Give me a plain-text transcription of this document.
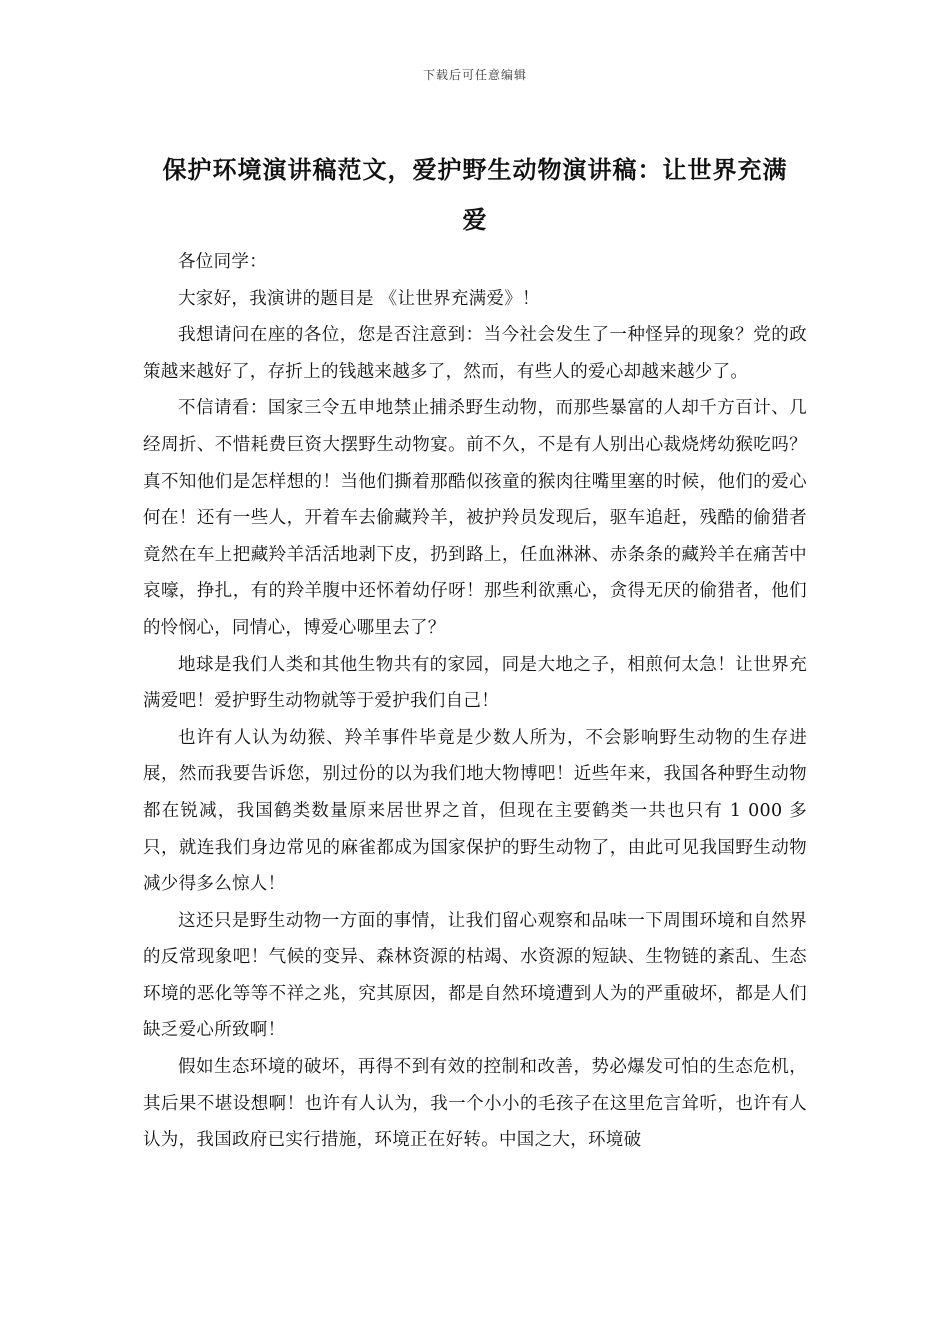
下载后可任意编辑
保护环境演讲稿范文，爱护野生动物演讲稿：让世界充满
爱

各位同学：

大家好，我演讲的题目是 《让世界充满爱》！

我想请问在座的各位，您是否注意到：当今社会发生了一种怪异的现象？党的政策越来越好了，存折上的钱越来越多了，然而，有些人的爱心却越来越少了。

不信请看：国家三令五申地禁止捕杀野生动物，而那些暴富的人却千方百计、几经周折、不惜耗费巨资大摆野生动物宴。前不久，不是有人别出心裁烧烤幼猴吃吗？真不知他们是怎样想的！当他们撕着那酷似孩童的猴肉往嘴里塞的时候，他们的爱心何在！还有一些人，开着车去偷藏羚羊，被护羚员发现后，驱车追赶，残酷的偷猎者竟然在车上把藏羚羊活活地剥下皮，扔到路上，任血淋淋、赤条条的藏羚羊在痛苦中哀嚎，挣扎，有的羚羊腹中还怀着幼仔呀！那些利欲熏心，贪得无厌的偷猎者，他们的怜悯心，同情心，博爱心哪里去了？

地球是我们人类和其他生物共有的家园，同是大地之子，相煎何太急！让世界充满爱吧！爱护野生动物就等于爱护我们自己！

也许有人认为幼猴、羚羊事件毕竟是少数人所为，不会影响野生动物的生存进展，然而我要告诉您，别过份的以为我们地大物博吧！近些年来，我国各种野生动物都在锐减，我国鹤类数量原来居世界之首，但现在主要鹤类一共也只有 1 000 多只，就连我们身边常见的麻雀都成为国家保护的野生动物了，由此可见我国野生动物减少得多么惊人！

这还只是野生动物一方面的事情，让我们留心观察和品味一下周围环境和自然界的反常现象吧！气候的变异、森林资源的枯竭、水资源的短缺、生物链的紊乱、生态环境的恶化等等不祥之兆，究其原因，都是自然环境遭到人为的严重破坏，都是人们缺乏爱心所致啊！

假如生态环境的破坏，再得不到有效的控制和改善，势必爆发可怕的生态危机，其后果不堪设想啊！也许有人认为，我一个小小的毛孩子在这里危言耸听，也许有人认为，我国政府已实行措施，环境正在好转。中国之大，环境破
